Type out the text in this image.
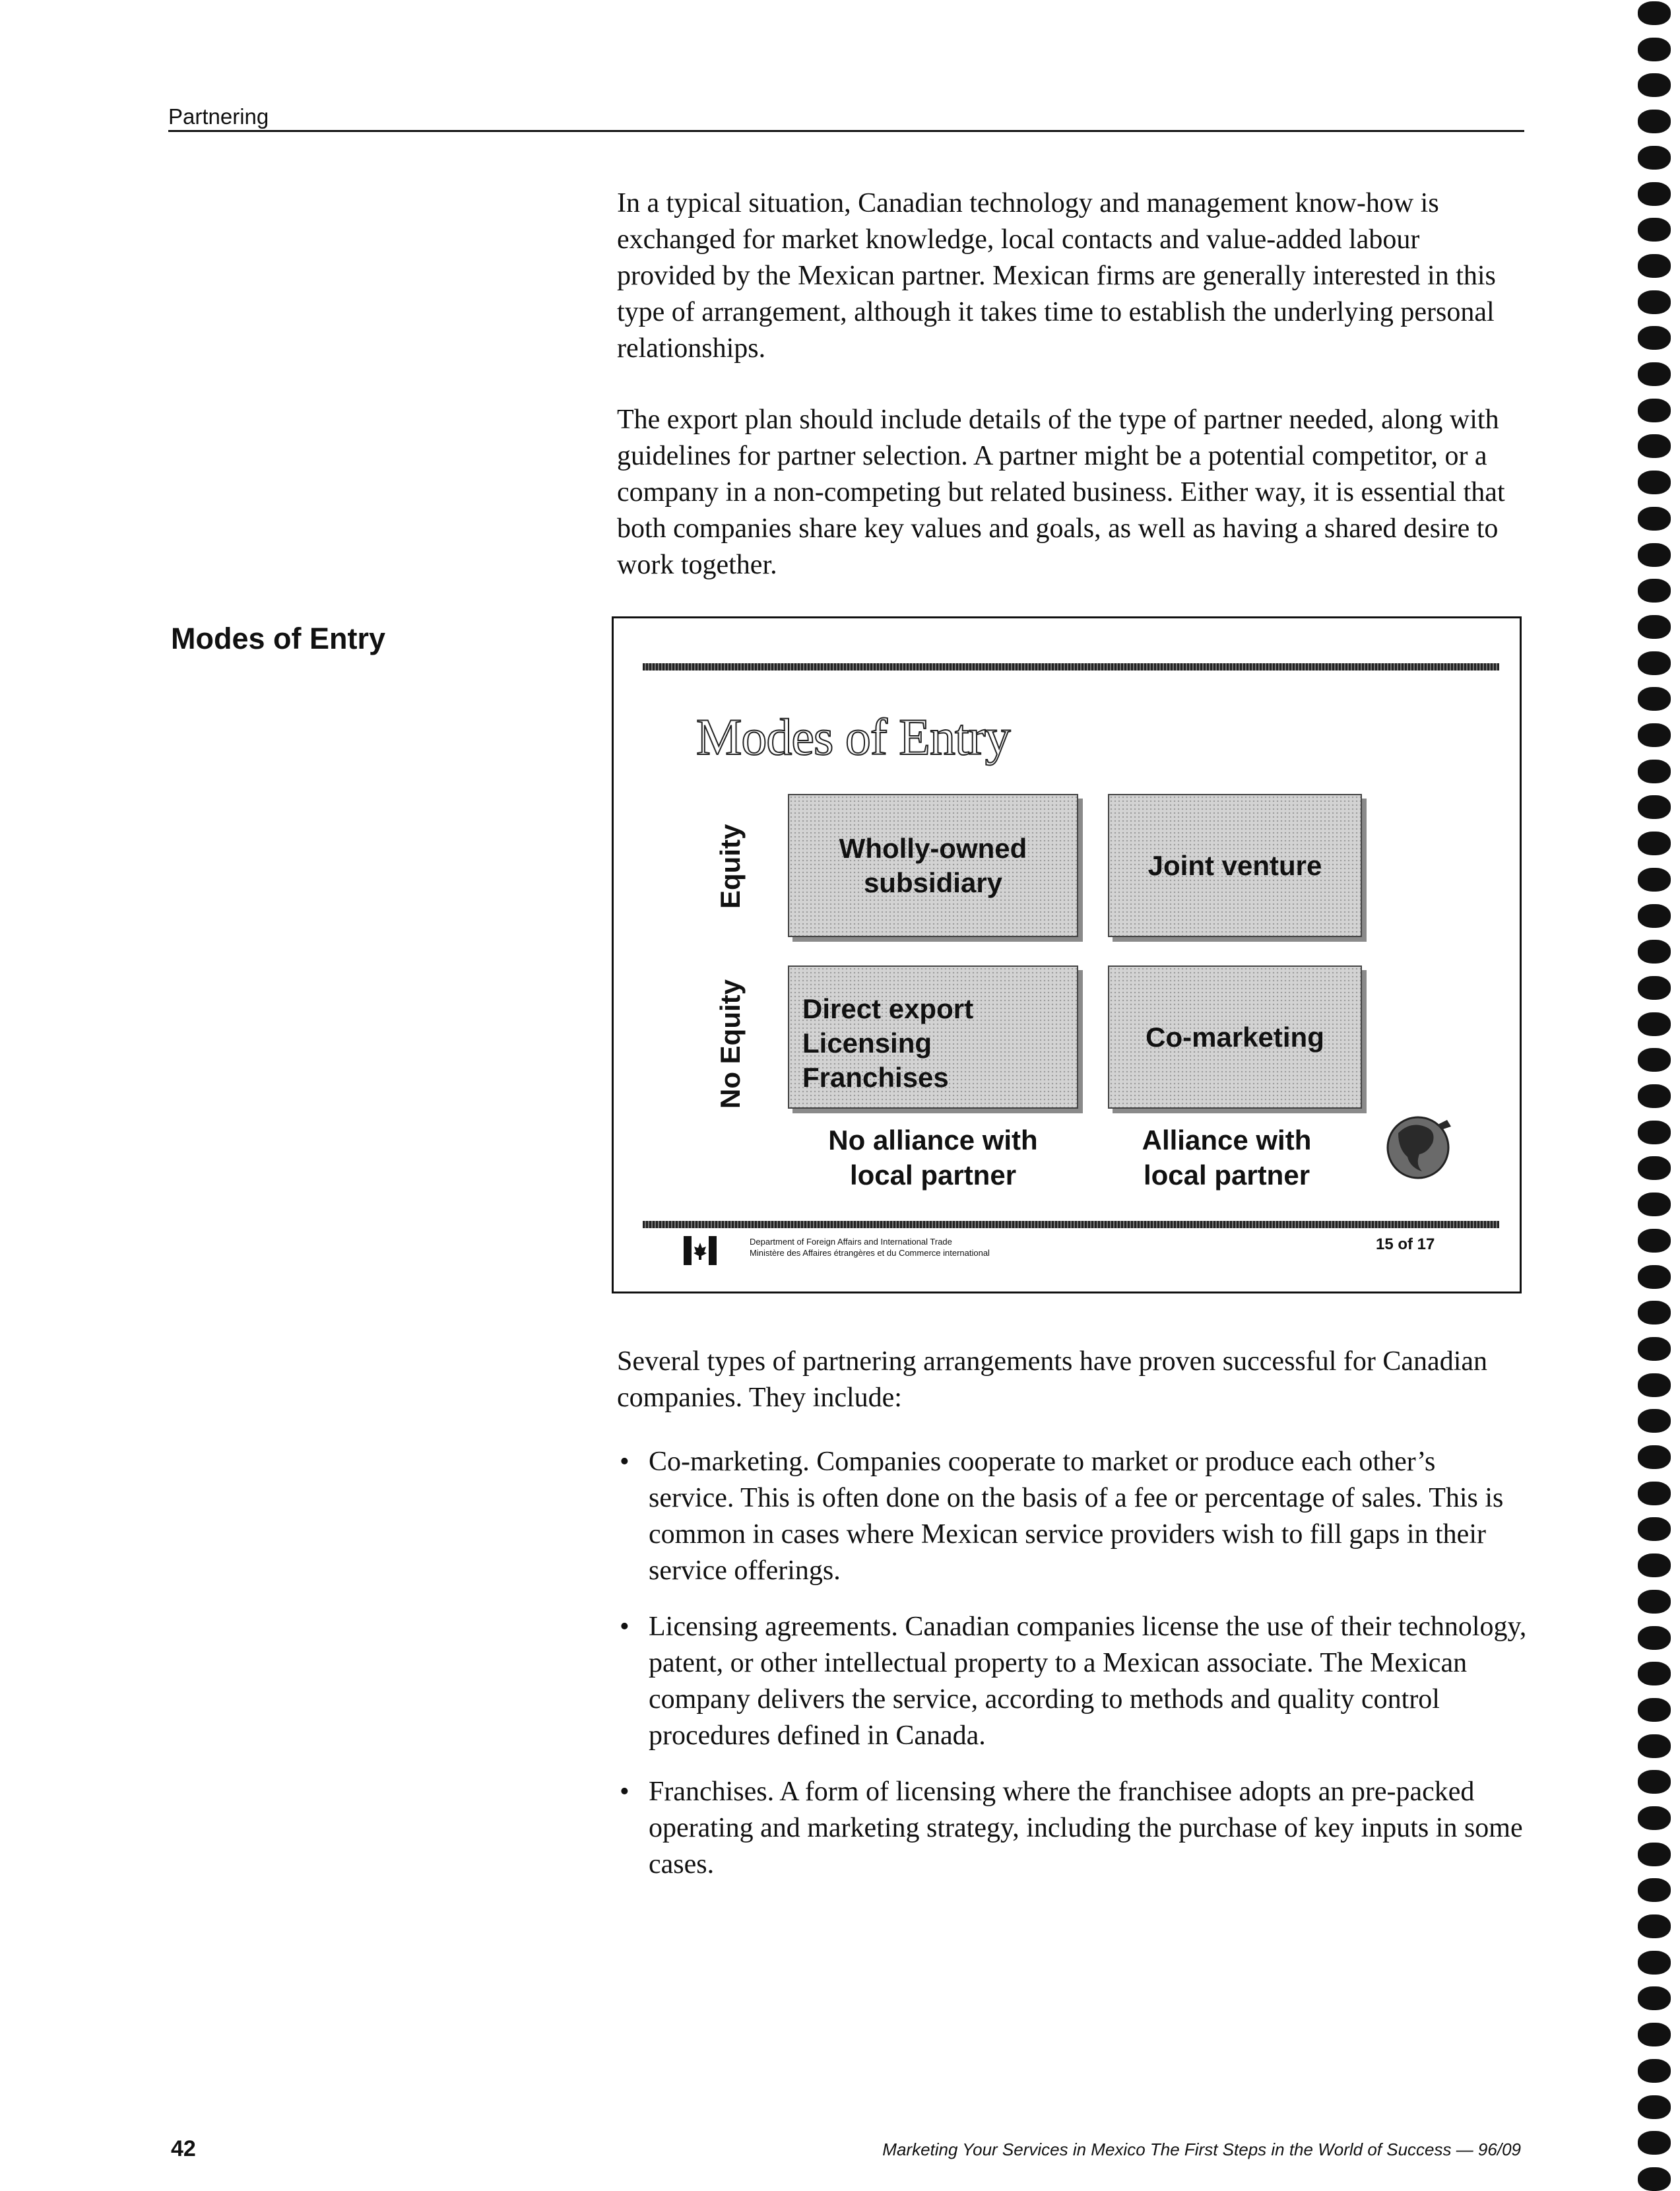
Partnering
In a typical situation, Canadian technology and management know-how is exchanged for market knowledge, local contacts and value-added labour provided by the Mexican partner. Mexican firms are generally interested in this type of arrangement, although it takes time to establish the underlying personal relationships.
The export plan should include details of the type of partner needed, along with guidelines for partner selection. A partner might be a potential competitor, or a company in a non-competing but related business. Either way, it is essential that both companies share key values and goals, as well as having a shared desire to work together.
Modes of Entry
Modes of Entry
Equity
No Equity
Wholly-owned
subsidiary
Joint venture
Direct export
Licensing
Franchises
Co-marketing
No alliance with
local partner
Alliance with
local partner
Department of Foreign Affairs and International Trade
Ministère des Affaires étrangères et du Commerce international	15 of 17
Several types of partnering arrangements have proven successful for Canadian companies. They include:
• Co-marketing. Companies cooperate to market or produce each other’s service. This is often done on the basis of a fee or percentage of sales. This is common in cases where Mexican service providers wish to fill gaps in their service offerings.
• Licensing agreements. Canadian companies license the use of their technology, patent, or other intellectual property to a Mexican associate. The Mexican company delivers the service, according to methods and quality control procedures defined in Canada.
• Franchises. A form of licensing where the franchisee adopts an pre-packed operating and marketing strategy, including the purchase of key inputs in some cases.
42	Marketing Your Services in Mexico The First Steps in the World of Success — 96/09
